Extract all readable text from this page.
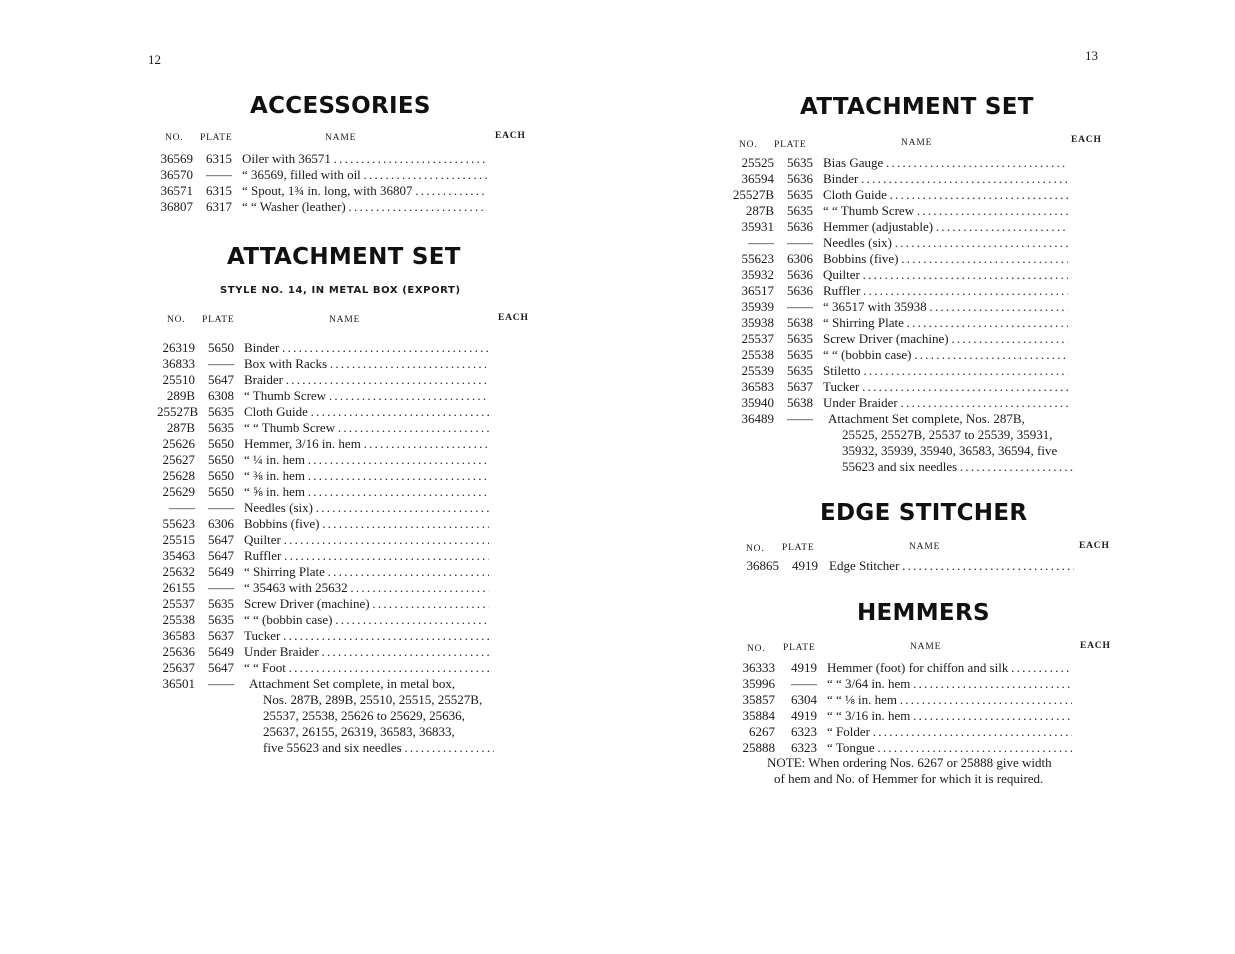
12
ACCESSORIES
NO. PLATE	NAME	EACH
36569	6315 Oiler with 36571 . . .
36570	—— “ 36569, filled with oil . . .
36571	6315 “ Spout, 1¾ in. long, with 36807 . . .
36807	6317 “ “ Washer (leather) . . .
ATTACHMENT SET
STYLE NO. 14, IN METAL BOX (EXPORT)
NO. PLATE	NAME	EACH
26319	5650 Binder . . .
36833	—— Box with Racks . . .
25510	5647 Braider . . .
289B	6308 “ Thumb Screw . . .
25527B 5635 Cloth Guide . . .
287B	5635 “ “ Thumb Screw . . .
25626	5650 Hemmer, 3/16 in. hem . . .
25627	5650 “ ¼ in. hem . . .
25628	5650 “ ⅜ in. hem . . .
25629	5650 “ ⅝ in. hem . . .
——	—— Needles (six) . . .
55623	6306 Bobbins (five) . . .
25515	5647 Quilter . . .
35463	5647 Ruffler . . .
25632	5649 “ Shirring Plate . . .
26155	—— “ 35463 with 25632 . . .
25537	5635 Screw Driver (machine) . . .
25538	5635 “ “ (bobbin case) . . .
36583	5637 Tucker . . .
25636	5649 Under Braider . . .
25637	5647 “ “ Foot . . .
36501	—— Attachment Set complete, in metal box,
Nos. 287B, 289B, 25510, 25515, 25527B,
25537, 25538, 25626 to 25629, 25636,
25637, 26155, 26319, 36583, 36833,
five 55623 and six needles . . .
13
ATTACHMENT SET
NO. PLATE	NAME	EACH
25525	5635 Bias Gauge . . .
36594	5636 Binder . . .
25527B	5635 Cloth Guide . . .
287B	5635 “ “ Thumb Screw . . .
35931	5636 Hemmer (adjustable) . . .
——	—— Needles (six) . . .
55623	6306 Bobbins (five) . . .
35932	5636 Quilter . . .
36517	5636 Ruffler . . .
35939	—— “ 36517 with 35938 . . .
35938	5638 “ Shirring Plate . . .
25537	5635 Screw Driver (machine) . . .
25538	5635 “ “ (bobbin case) . . .
25539	5635 Stiletto . . .
36583	5637 Tucker . . .
35940	5638 Under Braider . . .
36489	—— Attachment Set complete, Nos. 287B,
25525, 25527B, 25537 to 25539, 35931,
35932, 35939, 35940, 36583, 36594, five
55623 and six needles . . .
EDGE STITCHER
NO. PLATE	NAME	EACH
36865	4919 Edge Stitcher . . .
HEMMERS
NO. PLATE	NAME	EACH
36333	4919 Hemmer (foot) for chiffon and silk . . .
35996	—— “ “ 3/64 in. hem . . .
35857	6304 “ “ ⅛ in. hem . . .
35884	4919 “ “ 3/16 in. hem . . .
6267	6323 “ Folder . . .
25888	6323 “ Tongue . . .
NOTE: When ordering Nos. 6267 or 25888 give width
of hem and No. of Hemmer for which it is required.
